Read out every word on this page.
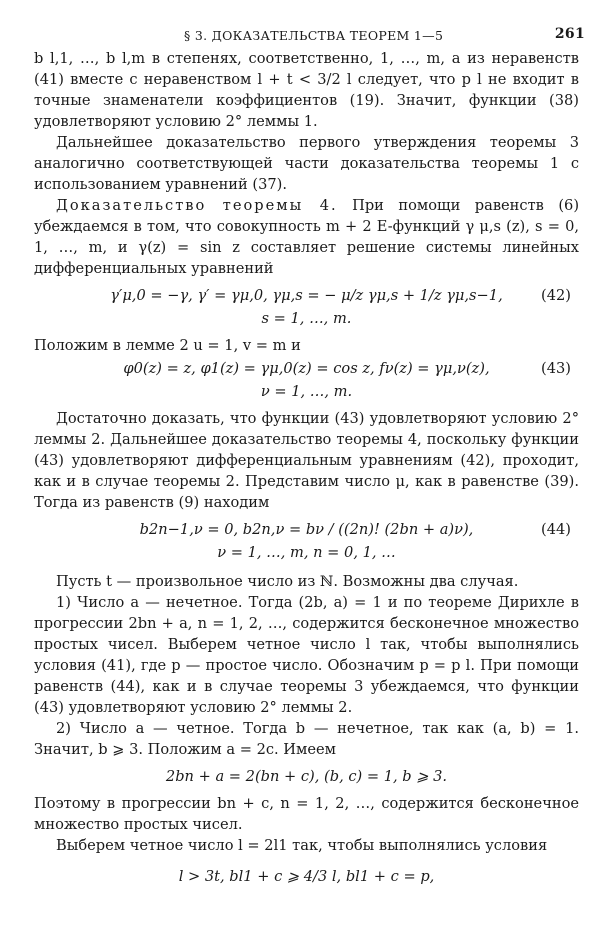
§ 3. ДОКАЗАТЕЛЬСТВА ТЕОРЕМ 1—5	261

b l,1, …, b l,m в степенях, соответственно, 1, …, m, а из неравенств (41) вместе с неравенством l + t < 3/2 l следует, что p l не входит в точные знаменатели коэффициентов (19). Значит, функции (38) удовлетворяют условию 2° леммы 1.

Дальнейшее доказательство первого утверждения теоремы 3 аналогично соответствующей части доказательства теоремы 1 с использованием уравнений (37).

Доказательство теоремы 4. При помощи равенств (6) убеждаемся в том, что совокупность m + 2 E-функций γ μ,s (z), s = 0, 1, …, m, и γ(z) = sin z составляет решение системы линейных дифференциальных уравнений

γ′μ,0 = −γ, γ′ = γμ,0, γμ,s = − μ/z γμ,s + 1/z γμ,s−1,	(42)
s = 1, …, m.

Положим в лемме 2 u = 1, v = m и

φ0(z) = z, φ1(z) = γμ,0(z) = cos z, fν(z) = γμ,ν(z),	(43)
ν = 1, …, m.

Достаточно доказать, что функции (43) удовлетворяют условию 2° леммы 2. Дальнейшее доказательство теоремы 4, поскольку функции (43) удовлетворяют дифференциальным уравнениям (42), проходит, как и в случае теоремы 2. Представим число μ, как в равенстве (39). Тогда из равенств (9) находим

b2n−1,ν = 0, b2n,ν = bν / ((2n)! (2bn + a)ν),	(44)
ν = 1, …, m, n = 0, 1, …

Пусть t — произвольное число из ℕ. Возможны два случая.

1) Число a — нечетное. Тогда (2b, a) = 1 и по теореме Дирихле в прогрессии 2bn + a, n = 1, 2, …, содержится бесконечное множество простых чисел. Выберем четное число l так, чтобы выполнялись условия (41), где p — простое число. Обозначим p = p l. При помощи равенств (44), как и в случае теоремы 3 убеждаемся, что функции (43) удовлетворяют условию 2° леммы 2.

2) Число a — четное. Тогда b — нечетное, так как (a, b) = 1. Значит, b ⩾ 3. Положим a = 2c. Имеем

2bn + a = 2(bn + c), (b, c) = 1, b ⩾ 3.

Поэтому в прогрессии bn + c, n = 1, 2, …, содержится бесконечное множество простых чисел.

Выберем четное число l = 2l1 так, чтобы выполнялись условия

l > 3t, bl1 + c ⩾ 4/3 l, bl1 + c = p,
